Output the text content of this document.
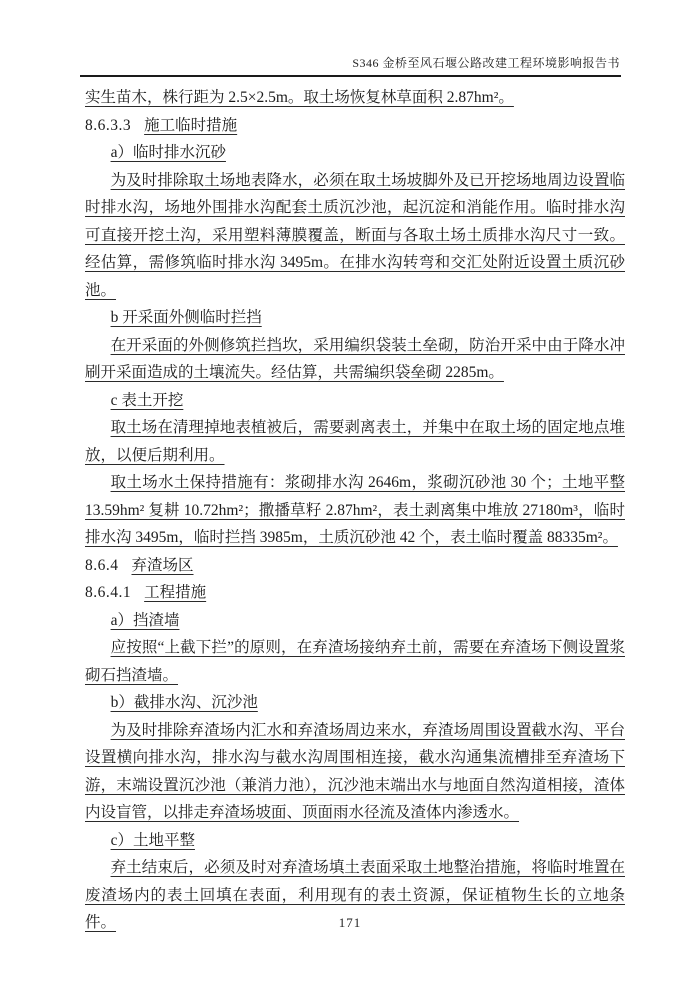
S346 金桥至风石堰公路改建工程环境影响报告书
实生苗木，株行距为 2.5×2.5m。取土场恢复林草面积 2.87hm²。
8.6.3.3 施工临时措施
a）临时排水沉砂
为及时排除取土场地表降水，必须在取土场坡脚外及已开挖场地周边设置临时排水沟，场地外围排水沟配套土质沉沙池，起沉淀和消能作用。临时排水沟可直接开挖土沟，采用塑料薄膜覆盖，断面与各取土场土质排水沟尺寸一致。经估算，需修筑临时排水沟 3495m。在排水沟转弯和交汇处附近设置土质沉砂池。
b 开采面外侧临时拦挡
在开采面的外侧修筑拦挡坎，采用编织袋装土垒砌，防治开采中由于降水冲刷开采面造成的土壤流失。经估算，共需编织袋垒砌 2285m。
c 表土开挖
取土场在清理掉地表植被后，需要剥离表土，并集中在取土场的固定地点堆放，以便后期利用。
取土场水土保持措施有：浆砌排水沟 2646m，浆砌沉砂池 30 个；土地平整 13.59hm² 复耕 10.72hm²；撒播草籽 2.87hm²，表土剥离集中堆放 27180m³，临时排水沟 3495m，临时拦挡 3985m，土质沉砂池 42 个，表土临时覆盖 88335m²。
8.6.4 弃渣场区
8.6.4.1 工程措施
a）挡渣墙
应按照“上截下拦”的原则，在弃渣场接纳弃土前，需要在弃渣场下侧设置浆砌石挡渣墙。
b）截排水沟、沉沙池
为及时排除弃渣场内汇水和弃渣场周边来水，弃渣场周围设置截水沟、平台设置横向排水沟，排水沟与截水沟周围相连接，截水沟通集流槽排至弃渣场下游，末端设置沉沙池（兼消力池），沉沙池末端出水与地面自然沟道相接，渣体内设盲管，以排走弃渣场坡面、顶面雨水径流及渣体内渗透水。
c）土地平整
弃土结束后，必须及时对弃渣场填土表面采取土地整治措施，将临时堆置在废渣场内的表土回填在表面，利用现有的表土资源，保证植物生长的立地条件。	171
